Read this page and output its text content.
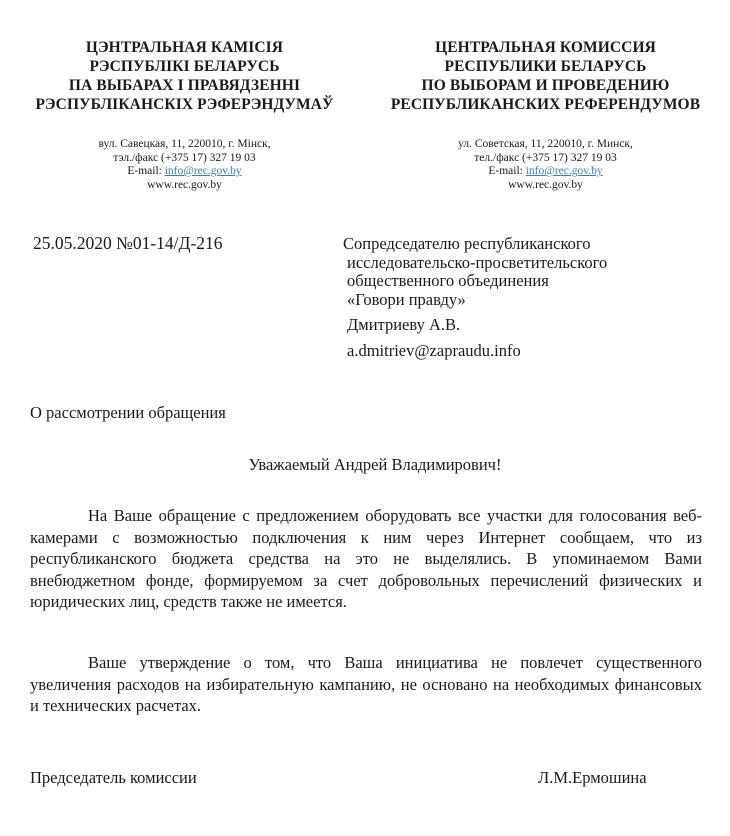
ЦЭНТРАЛЬНАЯ КАМІСІЯ
РЭСПУБЛІКІ БЕЛАРУСЬ
ПА ВЫБАРАХ І ПРАВЯДЗЕННІ
РЭСПУБЛІКАНСКІХ РЭФЕРЭНДУМАЎ
ЦЕНТРАЛЬНАЯ КОМИССИЯ
РЕСПУБЛИКИ БЕЛАРУСЬ
ПО ВЫБОРАМ И ПРОВЕДЕНИЮ
РЕСПУБЛИКАНСКИХ РЕФЕРЕНДУМОВ
вул. Савецкая, 11, 220010, г. Мінск,
тэл./факс (+375 17) 327 19 03
E-mail: info@rec.gov.by
www.rec.gov.by
ул. Советская, 11, 220010, г. Минск,
тел./факс (+375 17) 327 19 03
E-mail: info@rec.gov.by
www.rec.gov.by
25.05.2020 №01-14/Д-216	Сопредседателю республиканского
исследовательско-просветительского
общественного объединения
«Говори правду»
Дмитриеву А.В.
a.dmitriev@zapraudu.info
О рассмотрении обращения
Уважаемый Андрей Владимирович!

На Ваше обращение с предложением оборудовать все участки для голосования веб-камерами с возможностью подключения к ним через Интернет сообщаем, что из республиканского бюджета средства на это не выделялись. В упоминаемом Вами внебюджетном фонде, формируемом за счет добровольных перечислений физических и юридических лиц, средств также не имеется.

Ваше утверждение о том, что Ваша инициатива не повлечет существенного увеличения расходов на избирательную кампанию, не основано на необходимых финансовых и технических расчетах.

Председатель комиссии	Л.М.Ермошина
